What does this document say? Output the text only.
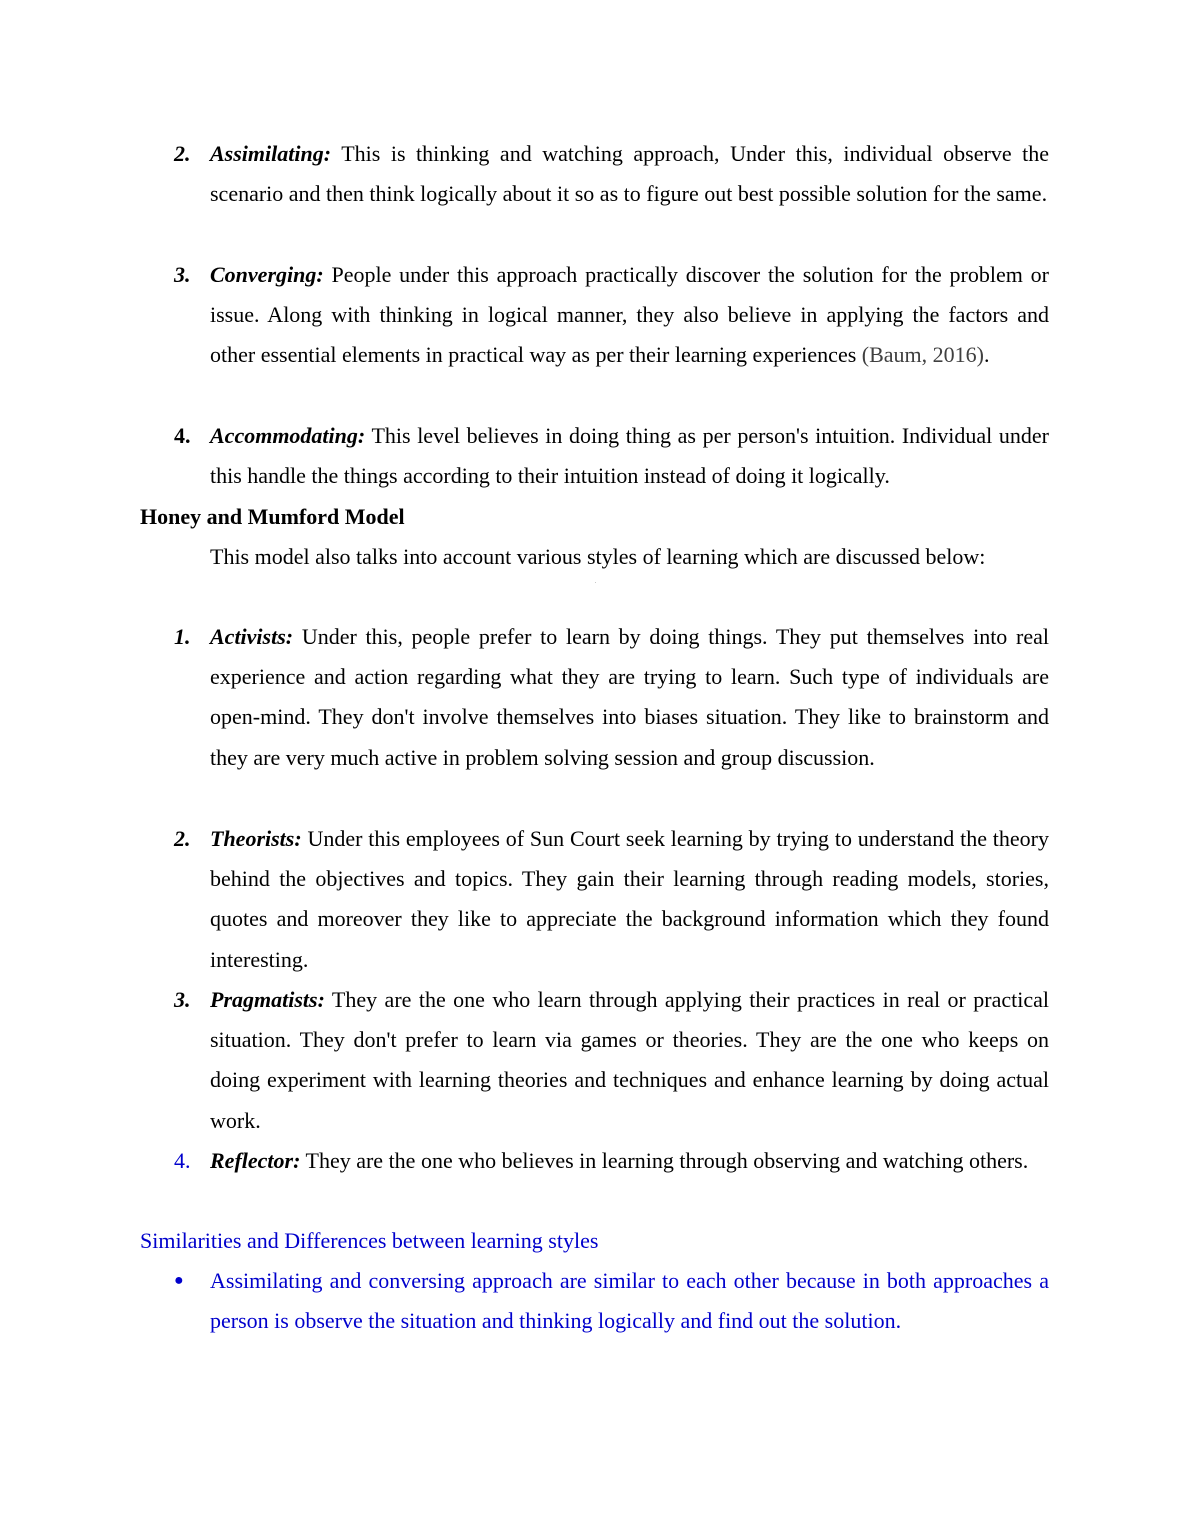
2. Assimilating: This is thinking and watching approach, Under this, individual observe the scenario and then think logically about it so as to figure out best possible solution for the same.
3. Converging: People under this approach practically discover the solution for the problem or issue. Along with thinking in logical manner, they also believe in applying the factors and other essential elements in practical way as per their learning experiences (Baum, 2016).
4. Accommodating: This level believes in doing thing as per person's intuition. Individual under this handle the things according to their intuition instead of doing it logically.
Honey and Mumford Model
This model also talks into account various styles of learning which are discussed below:
1. Activists: Under this, people prefer to learn by doing things. They put themselves into real experience and action regarding what they are trying to learn. Such type of individuals are open-mind. They don't involve themselves into biases situation. They like to brainstorm and they are very much active in problem solving session and group discussion.
2. Theorists: Under this employees of Sun Court seek learning by trying to understand the theory behind the objectives and topics. They gain their learning through reading models, stories, quotes and moreover they like to appreciate the background information which they found interesting.
3. Pragmatists: They are the one who learn through applying their practices in real or practical situation. They don't prefer to learn via games or theories. They are the one who keeps on doing experiment with learning theories and techniques and enhance learning by doing actual work.
4. Reflector: They are the one who believes in learning through observing and watching others.
Similarities and Differences between learning styles
●	Assimilating and conversing approach are similar to each other because in both approaches a person is observe the situation and thinking logically and find out the solution.
